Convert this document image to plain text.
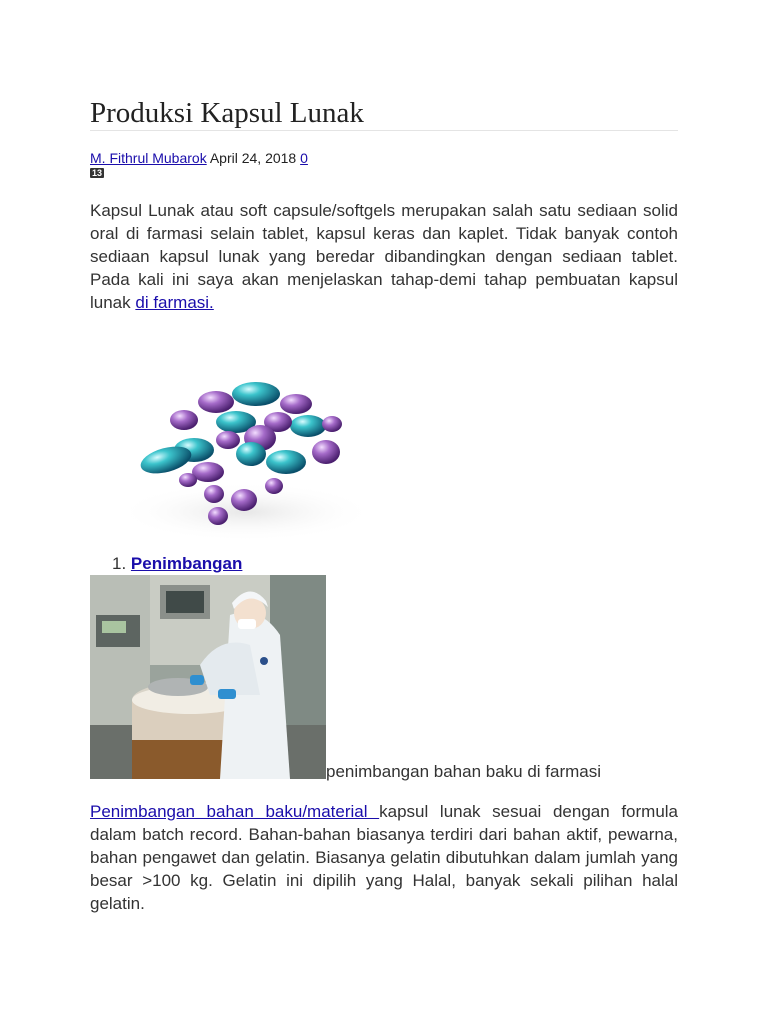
Produksi Kapsul Lunak
M. Fithrul Mubarok April 24, 2018 0
13

Kapsul Lunak atau soft capsule/softgels merupakan salah satu sediaan solid oral di farmasi selain tablet, kapsul keras dan kaplet. Tidak banyak contoh sediaan kapsul lunak yang beredar dibandingkan dengan sediaan tablet. Pada kali ini saya akan menjelaskan tahap-demi tahap pembuatan kapsul lunak di farmasi.

1. Penimbangan
penimbangan bahan baku di farmasi

Penimbangan bahan baku/material kapsul lunak sesuai dengan formula dalam batch record. Bahan-bahan biasanya terdiri dari bahan aktif, pewarna, bahan pengawet dan gelatin. Biasanya gelatin dibutuhkan dalam jumlah yang besar >100 kg. Gelatin ini dipilih yang Halal, banyak sekali pilihan halal gelatin.
